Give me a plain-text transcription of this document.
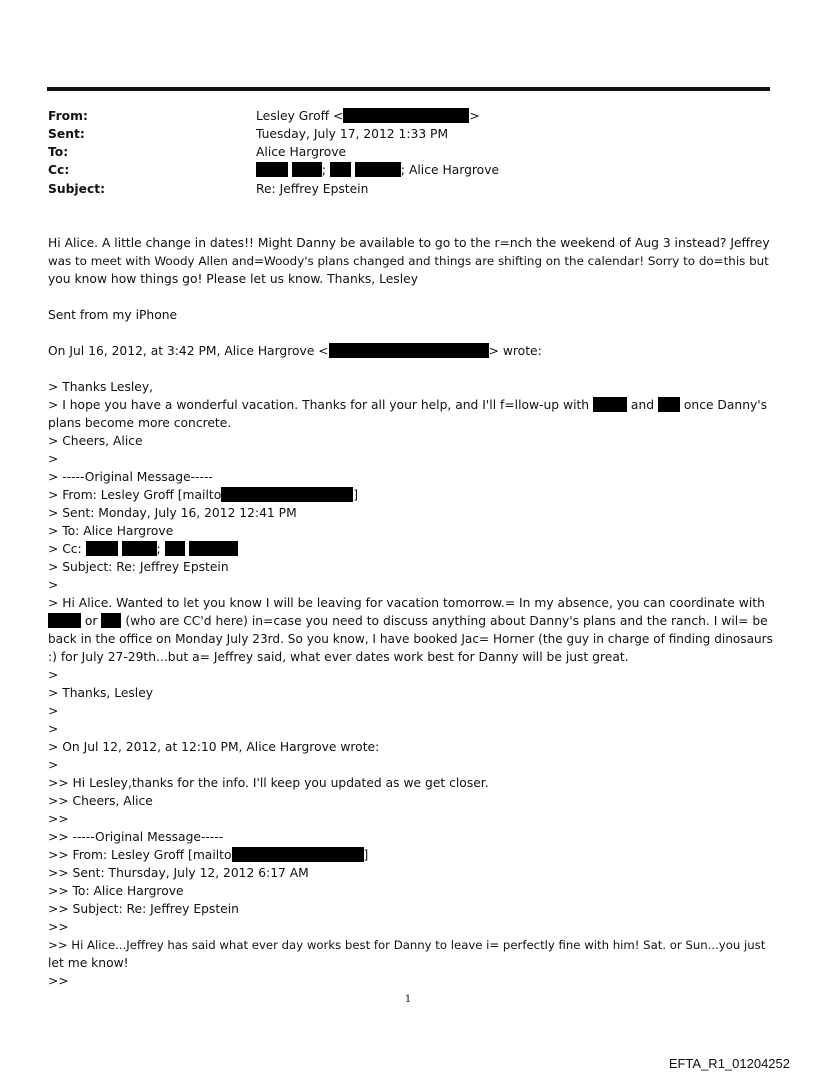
From:	Lesley Groff <	>
Sent:	Tuesday, July 17, 2012 1:33 PM
To:	Alice Hargrove
Cc:	;	; Alice Hargrove
Subject:	Re: Jeffrey Epstein
Hi Alice. A little change in dates!! Might Danny be available to go to the r=nch the weekend of Aug 3 instead? Jeffrey
was to meet with Woody Allen and=Woody's plans changed and things are shifting on the calendar! Sorry to do=this but
you know how things go! Please let us know. Thanks, Lesley
Sent from my iPhone
On Jul 16, 2012, at 3:42 PM, Alice Hargrove <	> wrote:
> Thanks Lesley,
> I hope you have a wonderful vacation. Thanks for all your help, and I'll f=llow-up with	and  once Danny's
plans become more concrete.
> Cheers, Alice
>
> -----Original Message-----
> From: Lesley Groff [mailto	]
> Sent: Monday, July 16, 2012 12:41 PM
> To: Alice Hargrove
> Cc:	;
> Subject: Re: Jeffrey Epstein
>
> Hi Alice. Wanted to let you know I will be leaving for vacation tomorrow.= In my absence, you can coordinate with
or  (who are CC'd here) in=case you need to discuss anything about Danny's plans and the ranch. I wil= be
back in the office on Monday July 23rd. So you know, I have booked Jac= Horner (the guy in charge of finding dinosaurs
:) for July 27-29th...but a= Jeffrey said, what ever dates work best for Danny will be just great.
>
> Thanks, Lesley
>
>
> On Jul 12, 2012, at 12:10 PM, Alice Hargrove wrote:
>
>> Hi Lesley,thanks for the info. I'll keep you updated as we get closer.
>> Cheers, Alice
>>
>> -----Original Message-----
>> From: Lesley Groff [mailto	]
>> Sent: Thursday, July 12, 2012 6:17 AM
>> To: Alice Hargrove
>> Subject: Re: Jeffrey Epstein
>>
>> Hi Alice...Jeffrey has said what ever day works best for Danny to leave i= perfectly fine with him! Sat. or Sun...you just
let me know!
>>
1
EFTA_R1_01204252
